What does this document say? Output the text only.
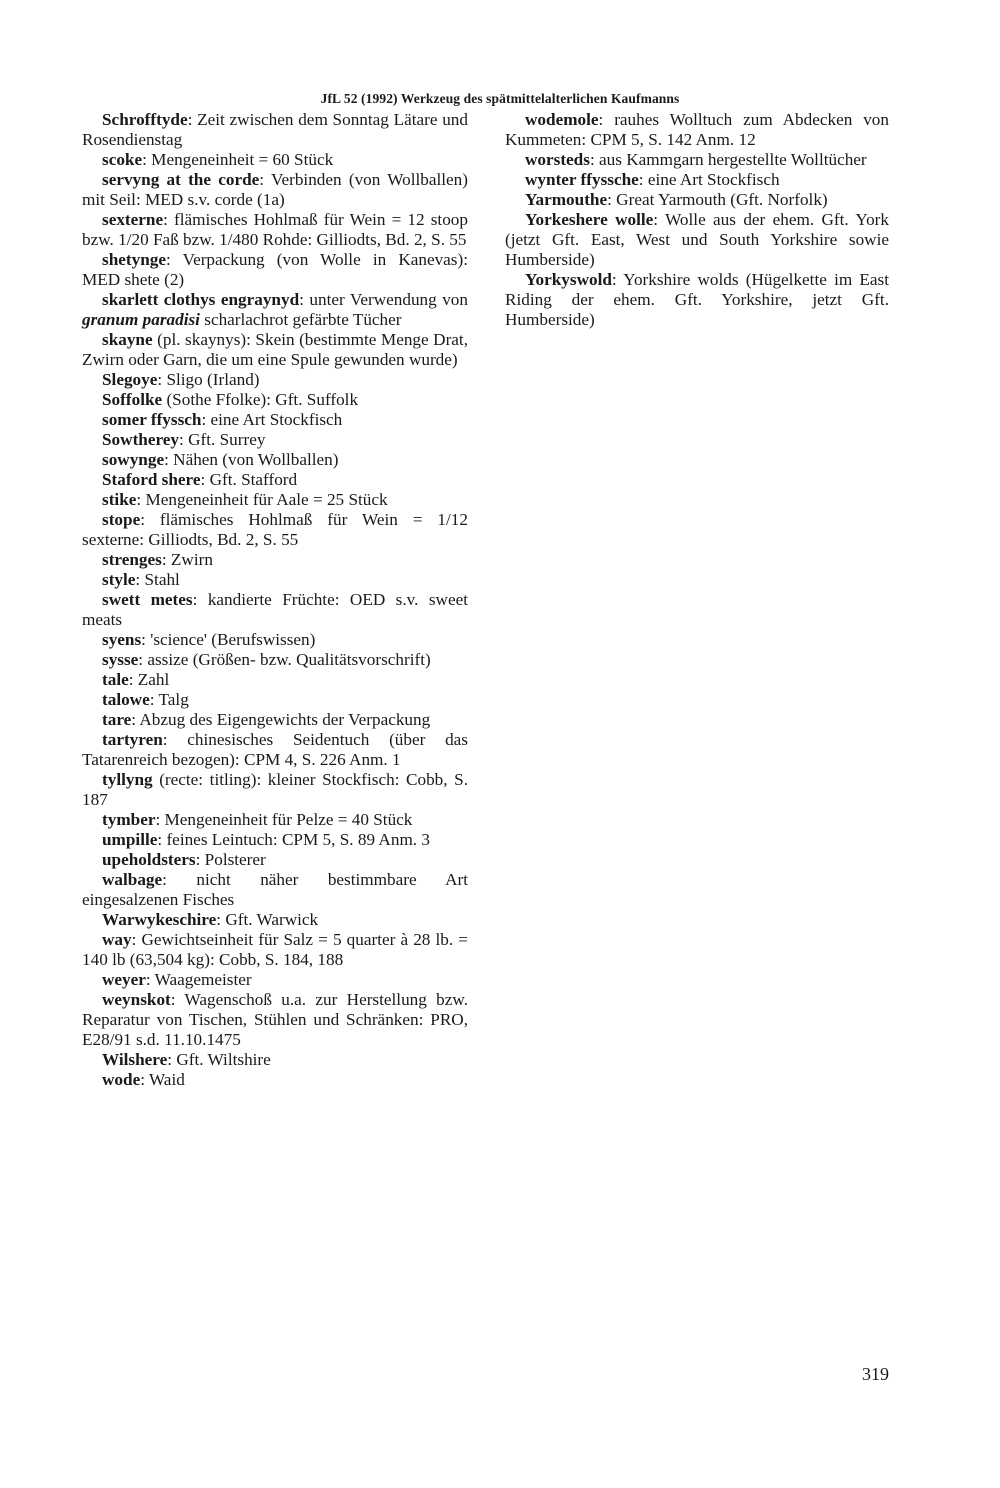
JfL 52 (1992) Werkzeug des spätmittelalterlichen Kaufmanns
Schrofftyde: Zeit zwischen dem Sonntag Lätare und Rosendienstag
scoke: Mengeneinheit = 60 Stück
servyng at the corde: Verbinden (von Wollballen) mit Seil: MED s.v. corde (1a)
sexterne: flämisches Hohlmaß für Wein = 12 stoop bzw. 1/20 Faß bzw. 1/480 Rohde: Gilliodts, Bd. 2, S. 55
shetynge: Verpackung (von Wolle in Kanevas): MED shete (2)
skarlett clothys engraynyd: unter Verwendung von granum paradisi scharlachrot gefärbte Tücher
skayne (pl. skaynys): Skein (bestimmte Menge Drat, Zwirn oder Garn, die um eine Spule gewunden wurde)
Slegoye: Sligo (Irland)
Soffolke (Sothe Ffolke): Gft. Suffolk
somer ffyssch: eine Art Stockfisch
Sowtherey: Gft. Surrey
sowynge: Nähen (von Wollballen)
Staford shere: Gft. Stafford
stike: Mengeneinheit für Aale = 25 Stück
stope: flämisches Hohlmaß für Wein = 1/12 sexterne: Gilliodts, Bd. 2, S. 55
strenges: Zwirn
style: Stahl
swett metes: kandierte Früchte: OED s.v. sweet meats
syens: 'science' (Berufswissen)
sysse: assize (Größen- bzw. Qualitätsvorschrift)
tale: Zahl
talowe: Talg
tare: Abzug des Eigengewichts der Verpackung
tartyren: chinesisches Seidentuch (über das Tatarenreich bezogen): CPM 4, S. 226 Anm. 1
tyllyng (recte: titling): kleiner Stockfisch: Cobb, S. 187
tymber: Mengeneinheit für Pelze = 40 Stück
umpille: feines Leintuch: CPM 5, S. 89 Anm. 3
upeholdsters: Polsterer
walbage: nicht näher bestimmbare Art eingesalzenen Fisches
Warwykeschire: Gft. Warwick
way: Gewichtseinheit für Salz = 5 quarter à 28 lb. = 140 lb (63,504 kg): Cobb, S. 184, 188
weyer: Waagemeister
weynskot: Wagenschoß u.a. zur Herstellung bzw. Reparatur von Tischen, Stühlen und Schränken: PRO, E28/91 s.d. 11.10.1475
Wilshere: Gft. Wiltshire
wode: Waid
wodemole: rauhes Wolltuch zum Abdecken von Kummeten: CPM 5, S. 142 Anm. 12
worsteds: aus Kammgarn hergestellte Wolltücher
wynter ffyssche: eine Art Stockfisch
Yarmouthe: Great Yarmouth (Gft. Norfolk)
Yorkeshere wolle: Wolle aus der ehem. Gft. York (jetzt Gft. East, West und South Yorkshire sowie Humberside)
Yorkyswold: Yorkshire wolds (Hügelkette im East Riding der ehem. Gft. Yorkshire, jetzt Gft. Humberside)
319
